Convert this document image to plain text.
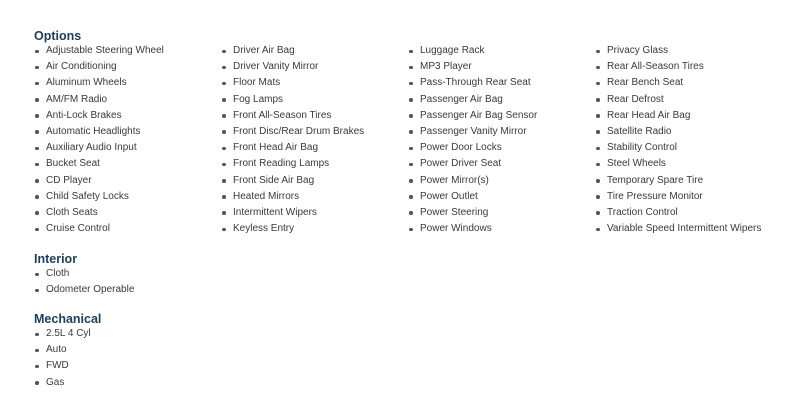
Options
Adjustable Steering Wheel
Air Conditioning
Aluminum Wheels
AM/FM Radio
Anti-Lock Brakes
Automatic Headlights
Auxiliary Audio Input
Bucket Seat
CD Player
Child Safety Locks
Cloth Seats
Cruise Control
Driver Air Bag
Driver Vanity Mirror
Floor Mats
Fog Lamps
Front All-Season Tires
Front Disc/Rear Drum Brakes
Front Head Air Bag
Front Reading Lamps
Front Side Air Bag
Heated Mirrors
Intermittent Wipers
Keyless Entry
Luggage Rack
MP3 Player
Pass-Through Rear Seat
Passenger Air Bag
Passenger Air Bag Sensor
Passenger Vanity Mirror
Power Door Locks
Power Driver Seat
Power Mirror(s)
Power Outlet
Power Steering
Power Windows
Privacy Glass
Rear All-Season Tires
Rear Bench Seat
Rear Defrost
Rear Head Air Bag
Satellite Radio
Stability Control
Steel Wheels
Temporary Spare Tire
Tire Pressure Monitor
Traction Control
Variable Speed Intermittent Wipers
Interior
Cloth
Odometer Operable
Mechanical
2.5L 4 Cyl
Auto
FWD
Gas
